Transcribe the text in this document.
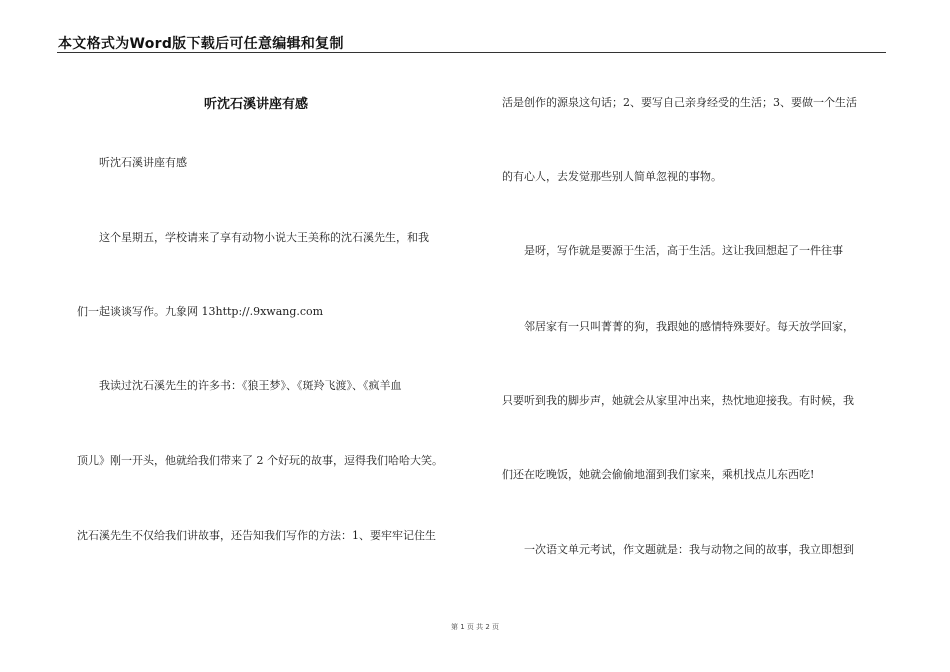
本文格式为Word版下载后可任意编辑和复制
听沈石溪讲座有感
　　听沈石溪讲座有感
　　这个星期五，学校请来了享有动物小说大王美称的沈石溪先生，和我
们一起谈谈写作。九象网 13http://.9xwang.com
　　我读过沈石溪先生的许多书：《狼王梦》、《斑羚飞渡》、《疯羊血
顶儿》刚一开头，他就给我们带来了 2 个好玩的故事，逗得我们哈哈大笑。
沈石溪先生不仅给我们讲故事，还告知我们写作的方法：1、要牢牢记住生
活是创作的源泉这句话；2、要写自己亲身经受的生活；3、要做一个生活
的有心人，去发觉那些别人简单忽视的事物。
　　是呀，写作就是要源于生活，高于生活。这让我回想起了一件往事
　　邻居家有一只叫菁菁的狗，我跟她的感情特殊要好。每天放学回家，
只要听到我的脚步声，她就会从家里冲出来，热忱地迎接我。有时候，我
们还在吃晚饭，她就会偷偷地溜到我们家来，乘机找点儿东西吃!
　　一次语文单元考试，作文题就是：我与动物之间的故事，我立即想到
第 1 页 共 2 页
